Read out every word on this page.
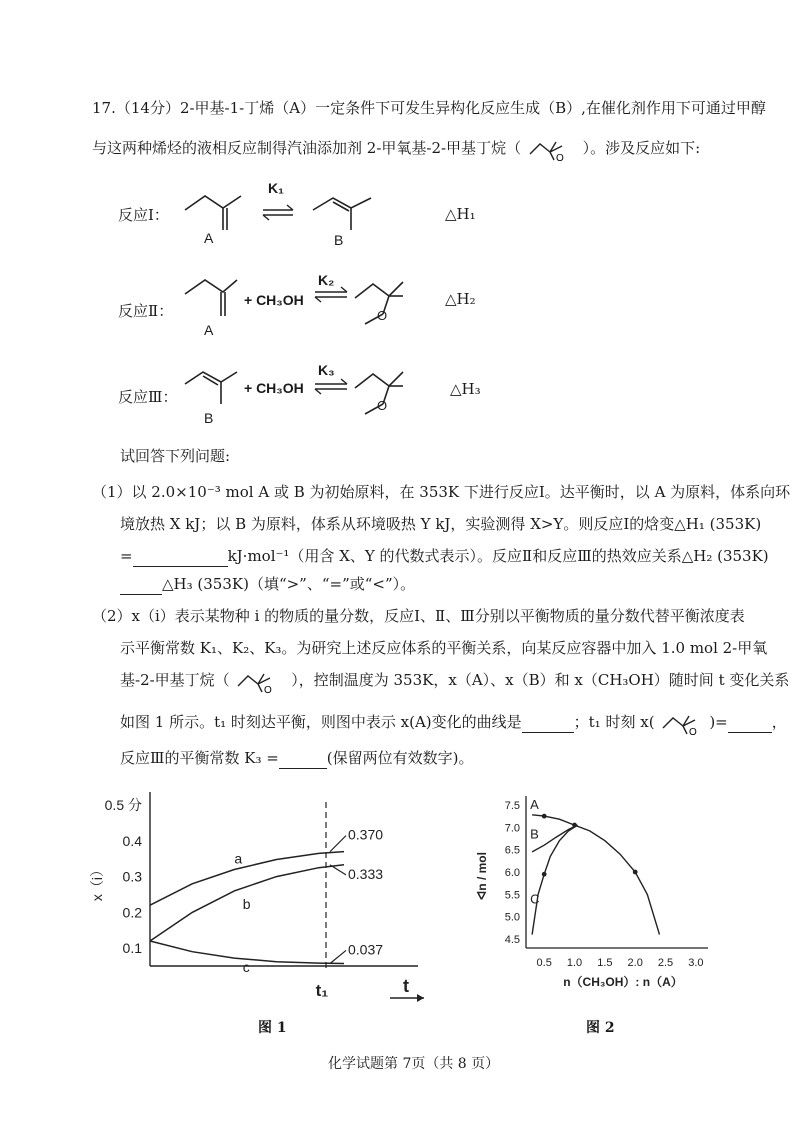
17.（14分）2-甲基-1-丁烯（A）一定条件下可发生异构化反应生成（B）,在催化剂作用下可通过甲醇
与这两种烯烃的液相反应制得汽油添加剂 2-甲氧基-2-甲基丁烷（
O
）。涉及反应如下:
反应Ⅰ：
K₁
A	B
△H₁
反应Ⅱ：	O
+ CH₃OH
K₂
A
△H₂
反应Ⅲ：	O
+ CH₃OH
K₃
B
△H₃
试回答下列问题:
（1）以 2.0×10⁻³ mol A 或 B 为初始原料，在 353K 下进行反应Ⅰ。达平衡时，以 A 为原料，体系向环
境放热 X kJ；以 B 为原料，体系从环境吸热 Y kJ，实验测得 X>Y。则反应Ⅰ的焓变△H₁ (353K)
=	kJ·mol⁻¹（用含 X、Y 的代数式表示）。反应Ⅱ和反应Ⅲ的热效应关系△H₂ (353K)
△H₃ (353K)（填“>”、“=”或“<”）。
（2）x（i）表示某物种 i 的物质的量分数，反应Ⅰ、Ⅱ、Ⅲ分别以平衡物质的量分数代替平衡浓度表
示平衡常数 K₁、K₂、K₃。为研究上述反应体系的平衡关系，向某反应容器中加入 1.0 mol 2-甲氧
基-2-甲基丁烷（
O
），控制温度为 353K，x（A）、x（B）和 x（CH₃OH）随时间 t 变化关系
如图 1 所示。t₁ 时刻达平衡，则图中表示 x(A)变化的曲线是	；t₁ 时刻 x(
O
)=	，
反应Ⅲ的平衡常数 K₃ =	(保留两位有效数字)。
0.1
0.2
0.3
0.4
0.5 分
x（i）
t₁	t
a
b
c
0.370
0.333
0.037
图 1
4.5
5.0
5.5
6.0
6.5
7.0
7.5
0.5 1.0 1.5 2.0 2.5 3.0
ᐊn / mol
n（CH₃OH）: n（A）
A
B
C
图 2
化学试题第 7页（共 8 页）
